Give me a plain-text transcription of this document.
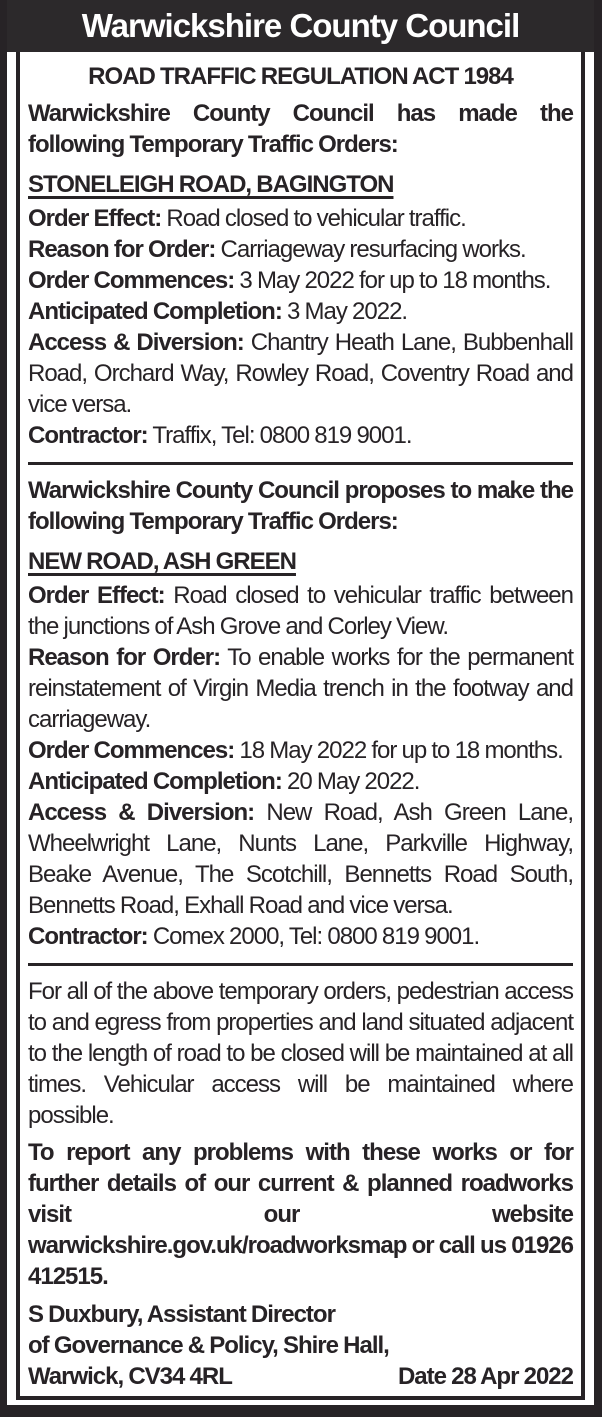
Warwickshire County Council
ROAD TRAFFIC REGULATION ACT 1984

Warwickshire County Council has made the following Temporary Traffic Orders:

STONELEIGH ROAD, BAGINGTON

Order Effect: Road closed to vehicular traffic.

Reason for Order: Carriageway resurfacing works.

Order Commences: 3 May 2022 for up to 18 months.

Anticipated Completion: 3 May 2022.

Access & Diversion: Chantry Heath Lane, Bubbenhall Road, Orchard Way, Rowley Road, Coventry Road and vice versa.

Contractor: Traffix, Tel: 0800 819 9001.

Warwickshire County Council proposes to make the following Temporary Traffic Orders:

NEW ROAD, ASH GREEN

Order Effect: Road closed to vehicular traffic between the junctions of Ash Grove and Corley View.

Reason for Order: To enable works for the permanent reinstatement of Virgin Media trench in the footway and carriageway.

Order Commences: 18 May 2022 for up to 18 months.

Anticipated Completion: 20 May 2022.

Access & Diversion: New Road, Ash Green Lane, Wheelwright Lane, Nunts Lane, Parkville Highway, Beake Avenue, The Scotchill, Bennetts Road South, Bennetts Road, Exhall Road and vice versa.

Contractor: Comex 2000, Tel: 0800 819 9001.

For all of the above temporary orders, pedestrian access to and egress from properties and land situated adjacent to the length of road to be closed will be maintained at all times. Vehicular access will be maintained where possible.

To report any problems with these works or for further details of our current & planned roadworks visit our website warwickshire.gov.uk/roadworksmap or call us 01926 412515.

S Duxbury, Assistant Director

of Governance & Policy, Shire Hall,

Warwick, CV34 4RL	Date 28 Apr 2022
